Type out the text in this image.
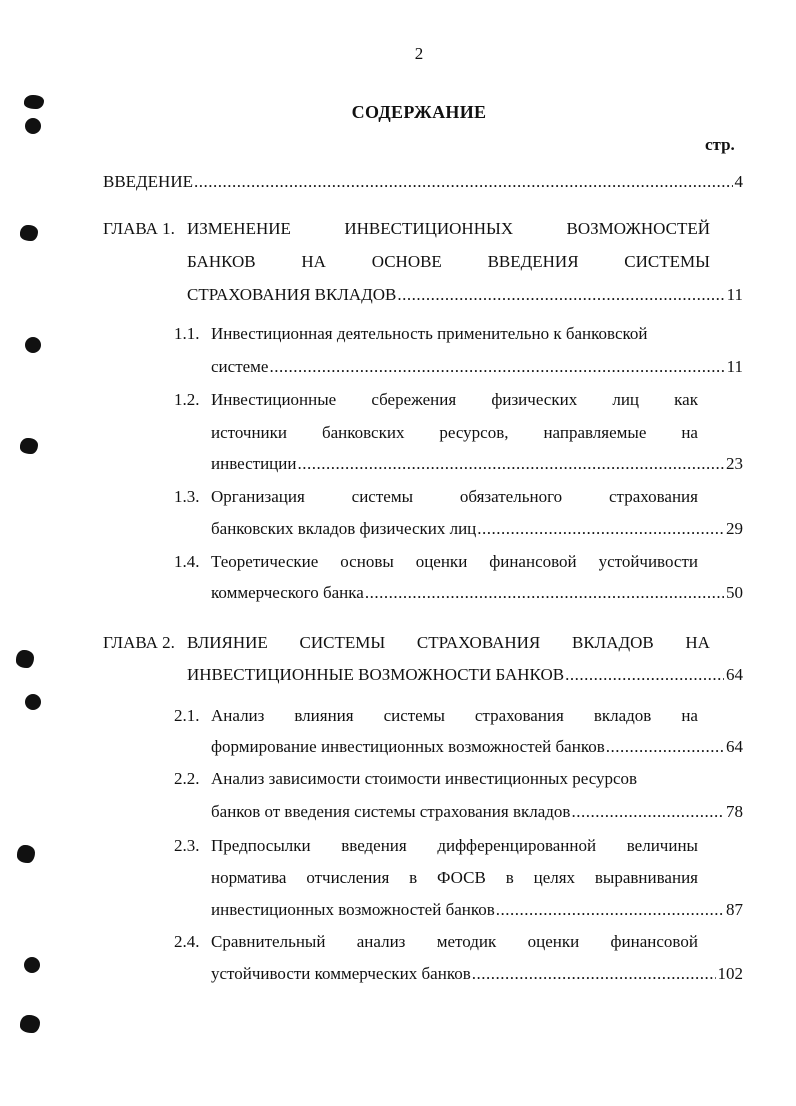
2
СОДЕРЖАНИЕ
стр.
ВВЕДЕНИЕ .....	4
ГЛАВА 1. ИЗМЕНЕНИЕ	ИНВЕСТИЦИОННЫХ	ВОЗМОЖНОСТЕЙ
БАНКОВ	НА	ОСНОВЕ	ВВЕДЕНИЯ	СИСТЕМЫ
СТРАХОВАНИЯ ВКЛАДОВ .....	11
1.1. Инвестиционная деятельность применительно к банковской
системе .....	11
1.2. Инвестиционные сбережения физических лиц как
источники банковских ресурсов, направляемые на
инвестиции .....	23
1.3. Организация	системы	обязательного	страхования
банковских вкладов физических лиц .....	29
1.4. Теоретические основы оценки финансовой устойчивости
коммерческого банка .....	50
ГЛАВА 2. ВЛИЯНИЕ СИСТЕМЫ СТРАХОВАНИЯ ВКЛАДОВ НА
ИНВЕСТИЦИОННЫЕ ВОЗМОЖНОСТИ БАНКОВ .....	64
2.1. Анализ влияния системы страхования вкладов на
формирование инвестиционных возможностей банков .....	64
2.2. Анализ зависимости стоимости инвестиционных ресурсов
банков от введения системы страхования вкладов .....	78
2.3. Предпосылки введения дифференцированной величины
норматива отчисления в ФОСВ в целях выравнивания
инвестиционных возможностей банков .....	87
2.4. Сравнительный анализ методик оценки финансовой
устойчивости коммерческих банков .....	102
